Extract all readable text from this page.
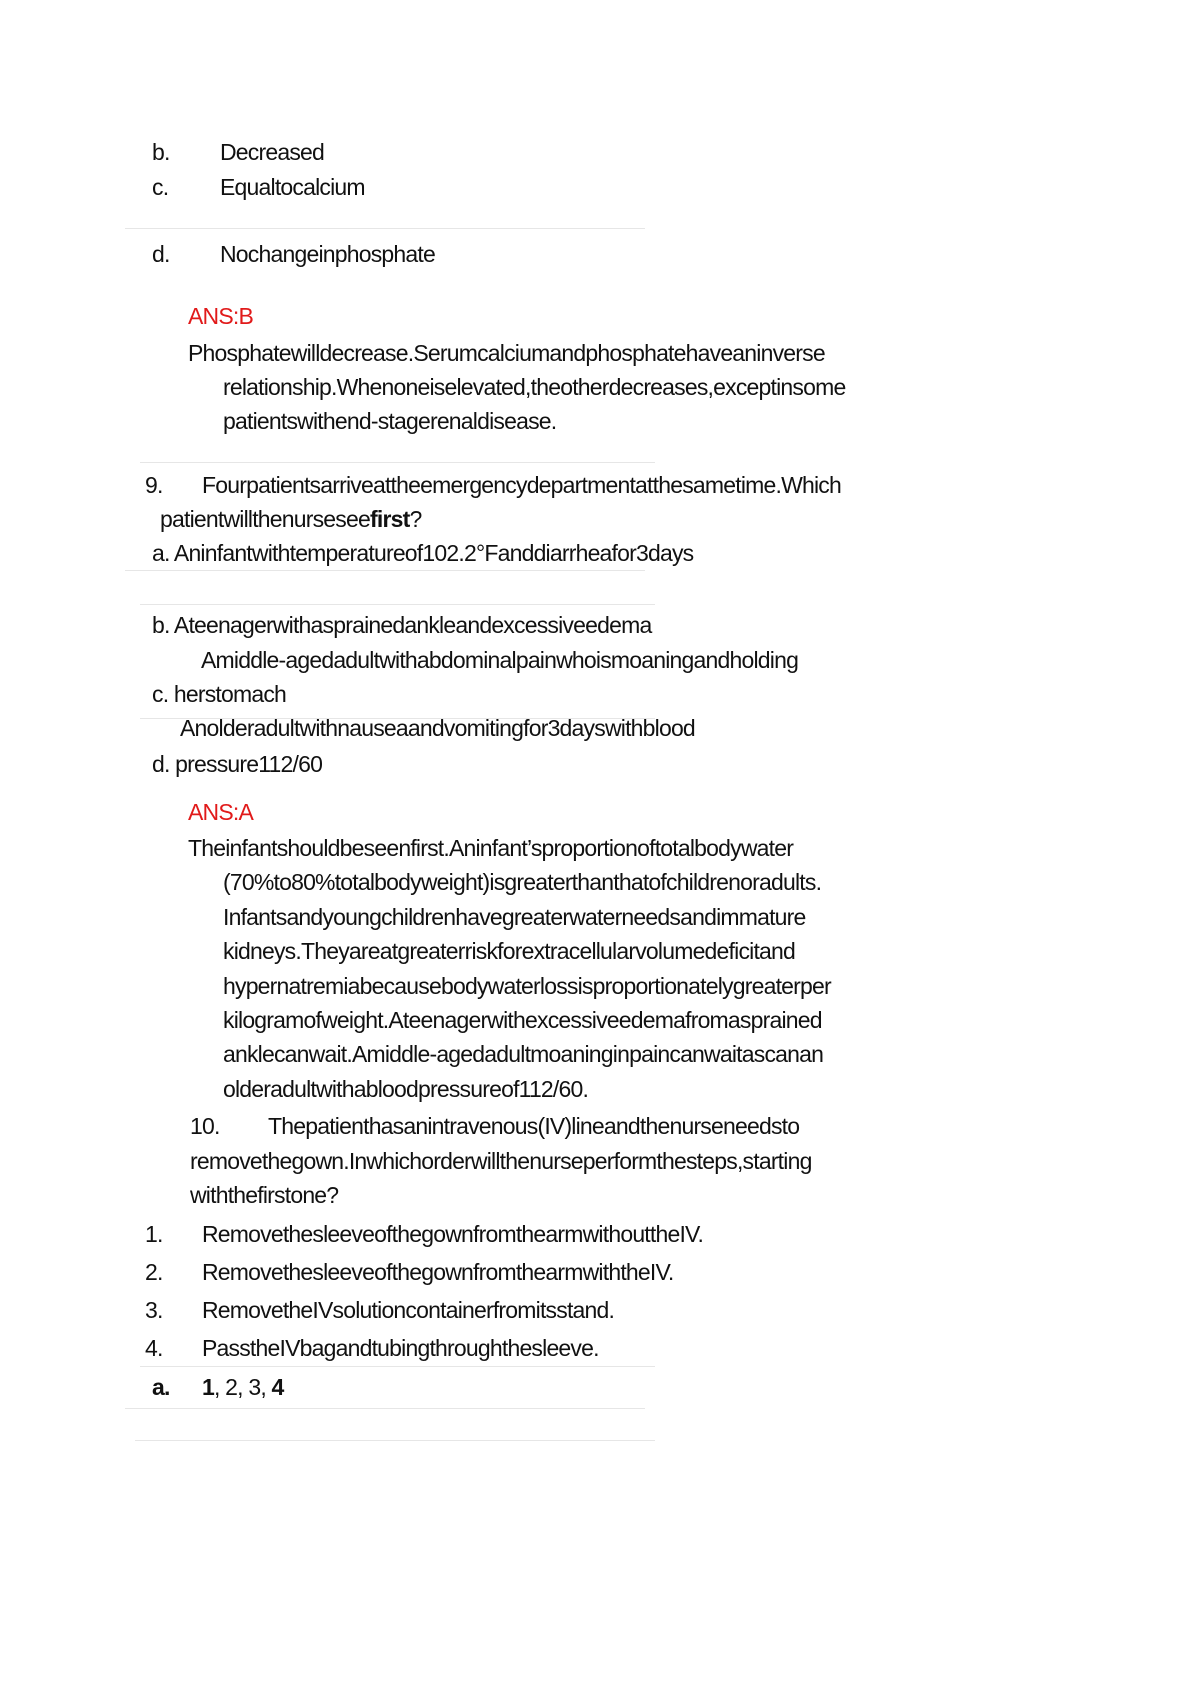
b. Decreased
c. Equaltocalcium
d. Nochangeinphosphate
ANS:B
Phosphatewilldecrease.Serumcalciumandphosphatehaveaninverse
relationship.Whenoneiselevated,theotherdecreases,exceptinsome
patientswithend-stagerenaldisease.
9. Fourpatientsarriveattheemergencydepartmentatthesametime.Which
patientwillthenurseseefirst?
a. Aninfantwithtemperatureof102.2°Fanddiarrheafor3days
b. Ateenagerwithasprainedankleandexcessiveedema
Amiddle-agedadultwithabdominalpainwhoismoaningandholding
c. herstomach
Anolderadultwithnauseaandvomitingfor3dayswithblood
d. pressure112/60
ANS:A
Theinfantshouldbeseenfirst.Aninfant’sproportionoftotalbodywater
(70%to80%totalbodyweight)isgreaterthanthatofchildrenoradults.
Infantsandyoungchildrenhavegreaterwaterneedsandimmature
kidneys.Theyareatgreaterriskforextracellularvolumedeficitand
hypernatremiabecausebodywaterlossisproportionatelygreaterper
kilogramofweight.Ateenagerwithexcessiveedemafromasprained
anklecanwait.Amiddle-agedadultmoaninginpaincanwaitascanan
olderadultwithabloodpressureof112/60.
10. Thepatienthasanintravenous(IV)lineandthenurseneedsto
removethegown.Inwhichorderwillthenurseperformthesteps,starting
withthefirstone?
1. RemovethesleeveofthegownfromthearmwithouttheIV.
2. RemovethesleeveofthegownfromthearmwiththeIV.
3. RemovetheIVsolutioncontainerfromitsstand.
4. PasstheIVbagandtubingthroughthesleeve.
a. 1, 2, 3, 4
